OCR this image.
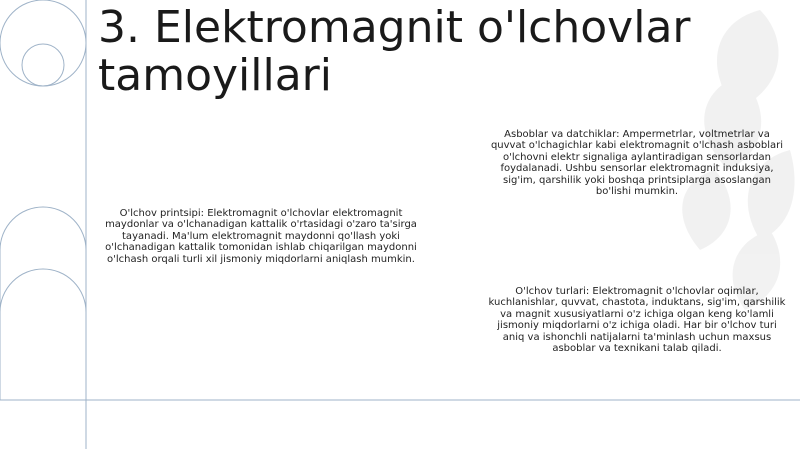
3. Elektromagnit o'lchovlar tamoyillari
Asboblar va datchiklar: Ampermetrlar, voltmetrlar va quvvat o'lchagichlar kabi elektromagnit o'lchash asboblari o'lchovni elektr signaliga aylantiradigan sensorlardan foydalanadi. Ushbu sensorlar elektromagnit induksiya, sig'im, qarshilik yoki boshqa printsiplarga asoslangan bo'lishi mumkin.
O'lchov printsipi: Elektromagnit o'lchovlar elektromagnit maydonlar va o'lchanadigan kattalik o'rtasidagi o'zaro ta'sirga tayanadi. Ma'lum elektromagnit maydonni qo'llash yoki o'lchanadigan kattalik tomonidan ishlab chiqarilgan maydonni o'lchash orqali turli xil jismoniy miqdorlarni aniqlash mumkin.
O'lchov turlari: Elektromagnit o'lchovlar oqimlar, kuchlanishlar, quvvat, chastota, induktans, sig'im, qarshilik va magnit xususiyatlarni o'z ichiga olgan keng ko'lamli jismoniy miqdorlarni o'z ichiga oladi. Har bir o'lchov turi aniq va ishonchli natijalarni ta'minlash uchun maxsus asboblar va texnikani talab qiladi.
